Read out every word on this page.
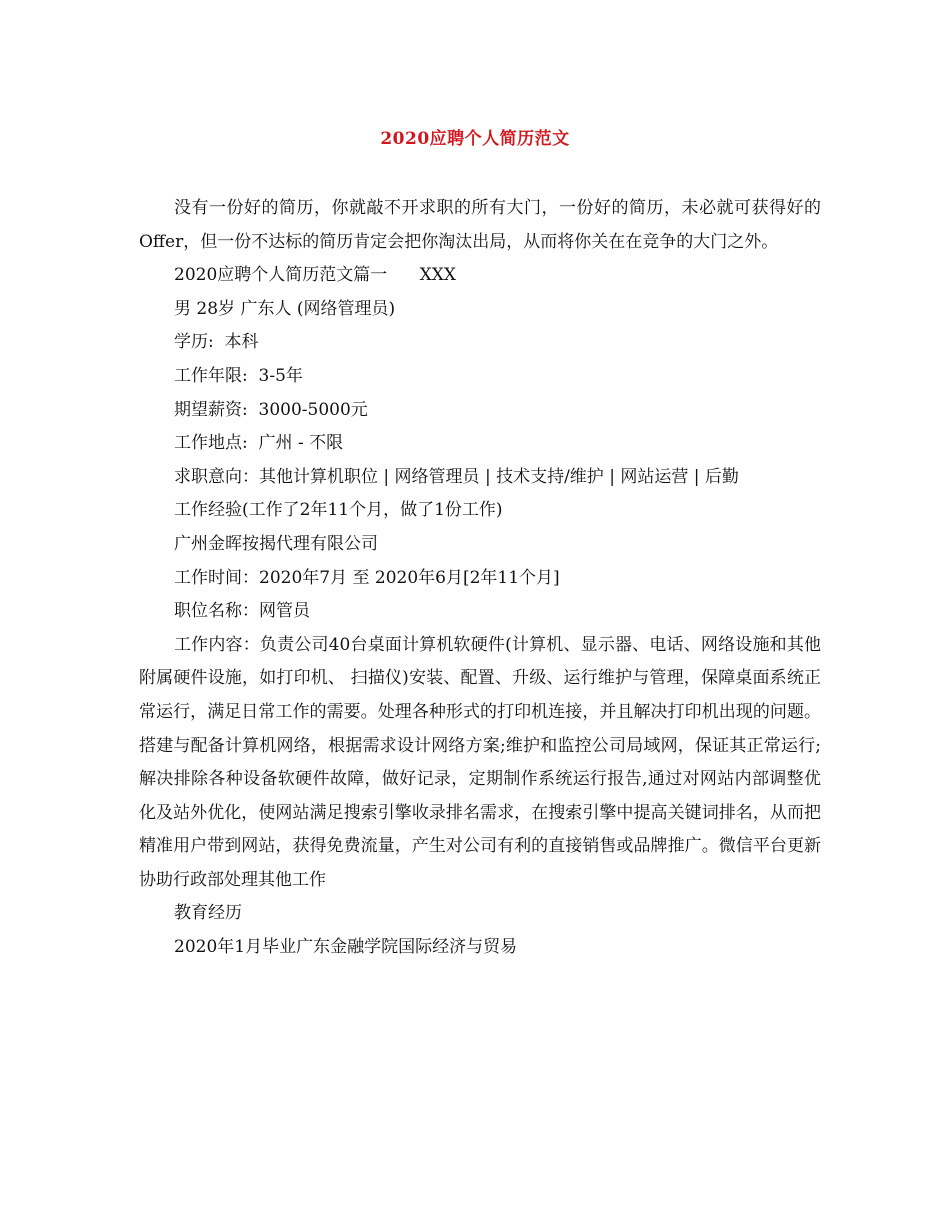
2020应聘个人简历范文

没有一份好的简历，你就敲不开求职的所有大门，一份好的简历，未必就可获得好的Offer，但一份不达标的简历肯定会把你淘汰出局，从而将你关在在竞争的大门之外。

2020应聘个人简历范文篇一      XXX

男 28岁 广东人 (网络管理员)

学历:  本科

工作年限:  3-5年

期望薪资:  3000-5000元

工作地点:  广州 - 不限

求职意向：其他计算机职位 | 网络管理员 | 技术支持/维护 | 网站运营 | 后勤

工作经验(工作了2年11个月，做了1份工作)

广州金晖按揭代理有限公司

工作时间：2020年7月 至 2020年6月[2年11个月]

职位名称：网管员

工作内容：负责公司40台桌面计算机软硬件(计算机、显示器、电话、网络设施和其他附属硬件设施，如打印机、 扫描仪)安装、配置、升级、运行维护与管理，保障桌面系统正常运行，满足日常工作的需要。处理各种形式的打印机连接，并且解决打印机出现的问题。搭建与配备计算机网络，根据需求设计网络方案;维护和监控公司局域网，保证其正常运行;解决排除各种设备软硬件故障，做好记录，定期制作系统运行报告,通过对网站内部调整优化及站外优化，使网站满足搜索引擎收录排名需求，在搜索引擎中提高关键词排名，从而把精准用户带到网站，获得免费流量，产生对公司有利的直接销售或品牌推广。微信平台更新协助行政部处理其他工作

教育经历

2020年1月毕业广东金融学院国际经济与贸易
